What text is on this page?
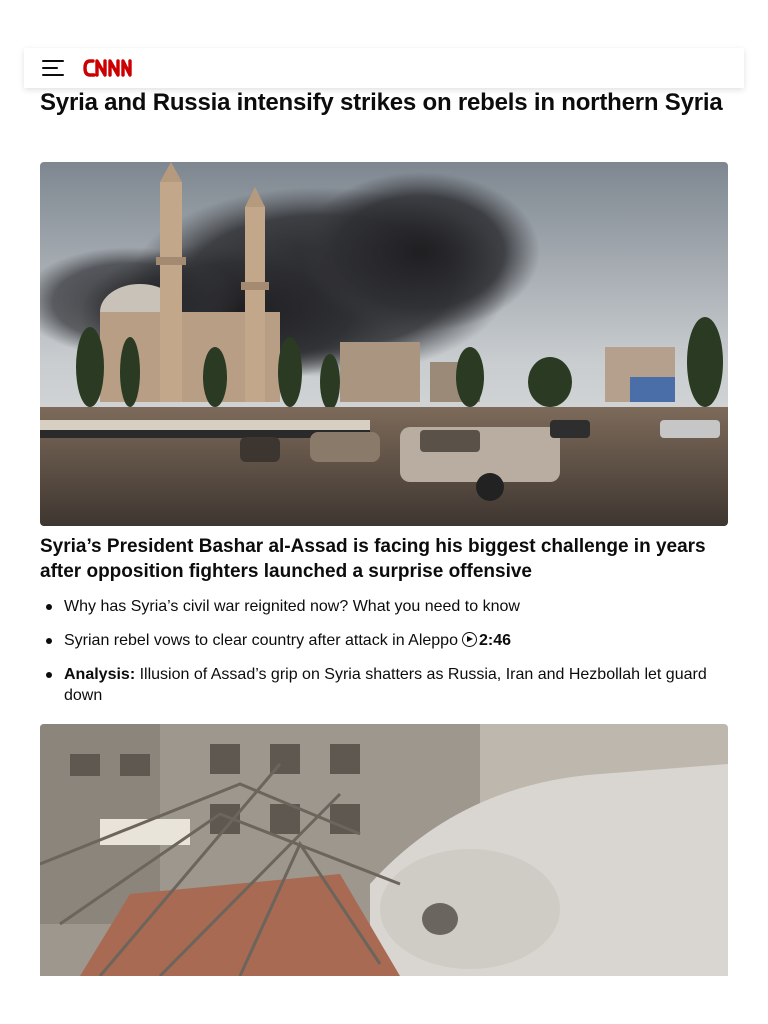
Syria and Russia intensify strikes on rebels in northern Syria

Syria’s President Bashar al-Assad is facing his biggest challenge in years after opposition fighters launched a surprise offensive

Why has Syria’s civil war reignited now? What you need to know
Syrian rebel vows to clear country after attack in Aleppo 2:46
Analysis: Illusion of Assad’s grip on Syria shatters as Russia, Iran and Hezbollah let guard down
